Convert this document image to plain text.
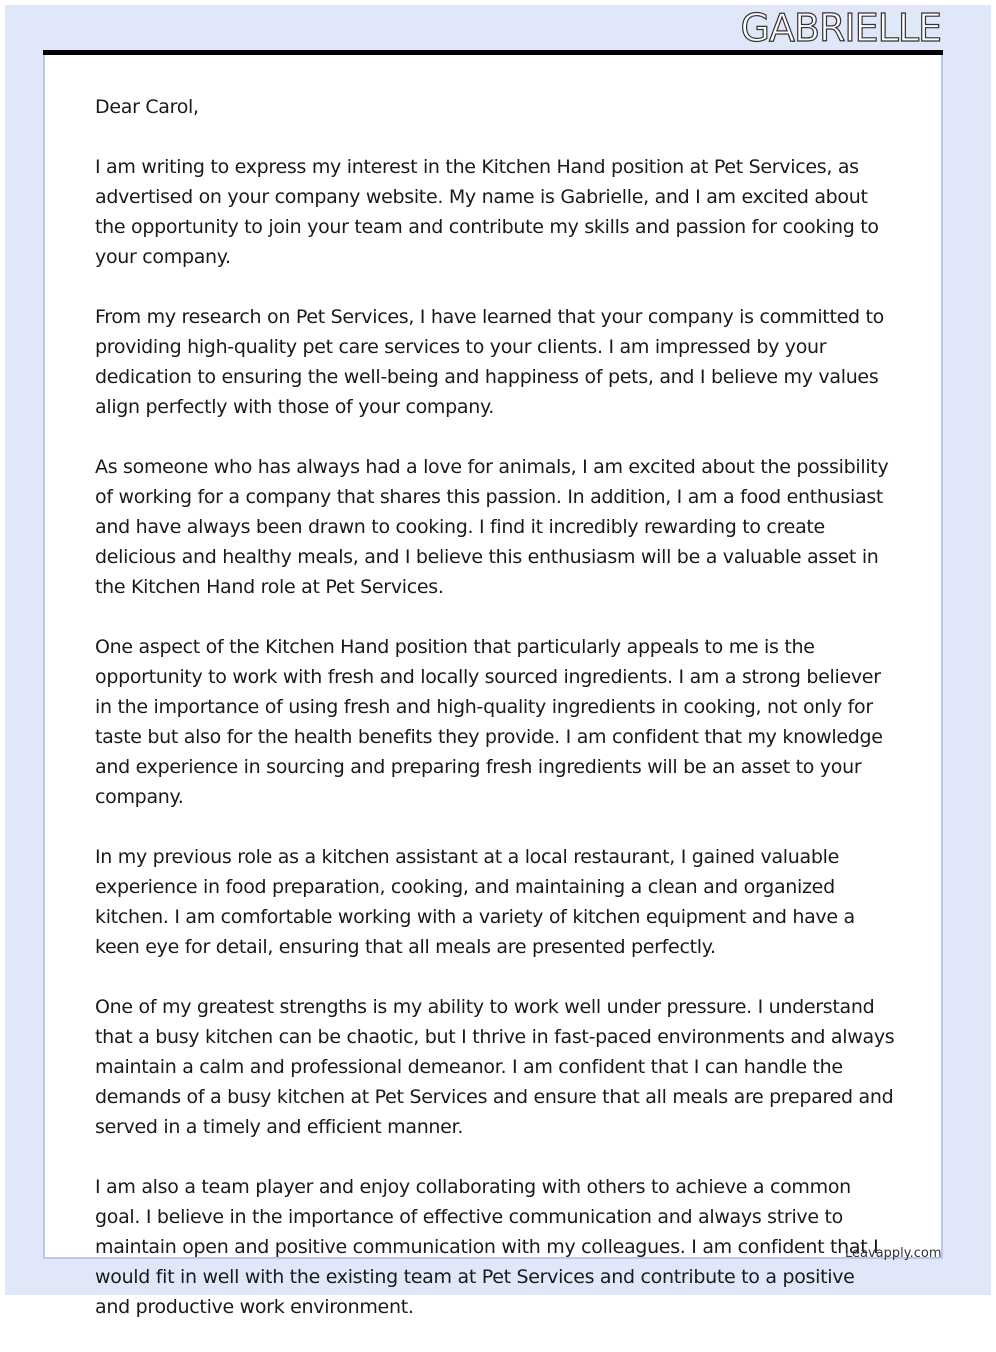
GABRIELLE

Dear Carol,

I am writing to express my interest in the Kitchen Hand position at Pet Services, as advertised on your company website. My name is Gabrielle, and I am excited about the opportunity to join your team and contribute my skills and passion for cooking to your company.

From my research on Pet Services, I have learned that your company is committed to providing high-quality pet care services to your clients. I am impressed by your dedication to ensuring the well-being and happiness of pets, and I believe my values align perfectly with those of your company.

As someone who has always had a love for animals, I am excited about the possibility of working for a company that shares this passion. In addition, I am a food enthusiast and have always been drawn to cooking. I find it incredibly rewarding to create delicious and healthy meals, and I believe this enthusiasm will be a valuable asset in the Kitchen Hand role at Pet Services.

One aspect of the Kitchen Hand position that particularly appeals to me is the opportunity to work with fresh and locally sourced ingredients. I am a strong believer in the importance of using fresh and high-quality ingredients in cooking, not only for taste but also for the health benefits they provide. I am confident that my knowledge and experience in sourcing and preparing fresh ingredients will be an asset to your company.

In my previous role as a kitchen assistant at a local restaurant, I gained valuable experience in food preparation, cooking, and maintaining a clean and organized kitchen. I am comfortable working with a variety of kitchen equipment and have a keen eye for detail, ensuring that all meals are presented perfectly.

One of my greatest strengths is my ability to work well under pressure. I understand that a busy kitchen can be chaotic, but I thrive in fast-paced environments and always maintain a calm and professional demeanor. I am confident that I can handle the demands of a busy kitchen at Pet Services and ensure that all meals are prepared and served in a timely and efficient manner.

I am also a team player and enjoy collaborating with others to achieve a common goal. I believe in the importance of effective communication and always strive to maintain open and positive communication with my colleagues. I am confident that I would fit in well with the existing team at Pet Services and contribute to a positive and productive work environment.

Leavapply.com
